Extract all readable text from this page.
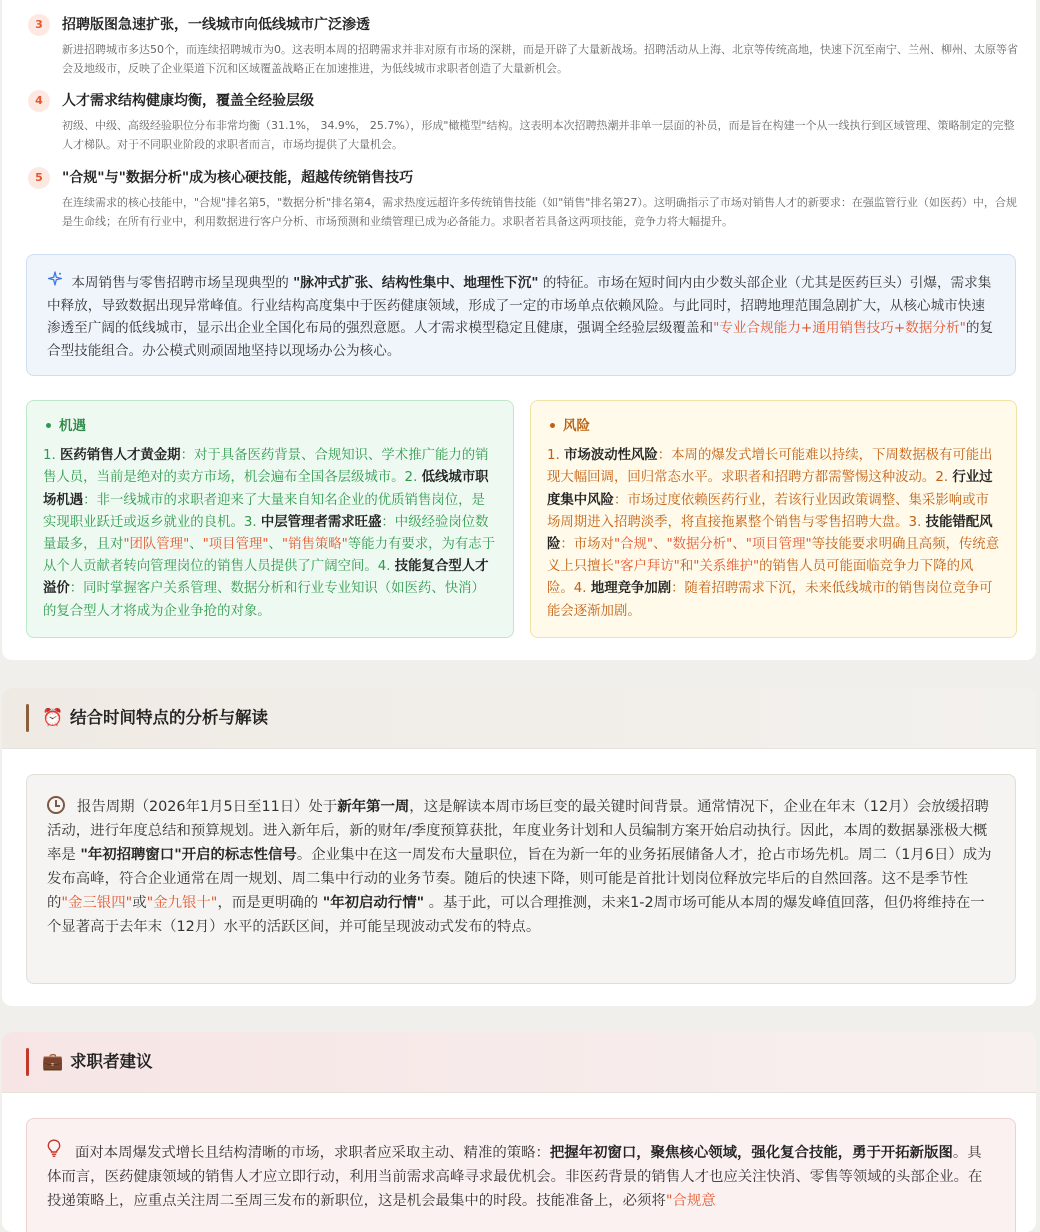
3	招聘版图急速扩张，一线城市向低线城市广泛渗透
新进招聘城市多达50个，而连续招聘城市为0。这表明本周的招聘需求并非对原有市场的深耕，而是开辟了大量新战场。招聘活动从上海、北京等传统高地，快速下沉至南宁、兰州、柳州、太原等省会及地级市，反映了企业渠道下沉和区域覆盖战略正在加速推进，为低线城市求职者创造了大量新机会。
4	人才需求结构健康均衡，覆盖全经验层级
初级、中级、高级经验职位分布非常均衡（31.1%， 34.9%， 25.7%），形成"橄榄型"结构。这表明本次招聘热潮并非单一层面的补员，而是旨在构建一个从一线执行到区域管理、策略制定的完整人才梯队。对于不同职业阶段的求职者而言，市场均提供了大量机会。
5	"合规"与"数据分析"成为核心硬技能，超越传统销售技巧
在连续需求的核心技能中，"合规"排名第5，"数据分析"排名第4，需求热度远超许多传统销售技能（如"销售"排名第27）。这明确指示了市场对销售人才的新要求：在强监管行业（如医药）中，合规是生命线；在所有行业中，利用数据进行客户分析、市场预测和业绩管理已成为必备能力。求职者若具备这两项技能，竞争力将大幅提升。
本周销售与零售招聘市场呈现典型的 "脉冲式扩张、结构性集中、地理性下沉" 的特征。市场在短时间内由少数头部企业（尤其是医药巨头）引爆，需求集中释放，导致数据出现异常峰值。行业结构高度集中于医药健康领域，形成了一定的市场单点依赖风险。与此同时，招聘地理范围急剧扩大，从核心城市快速渗透至广阔的低线城市，显示出企业全国化布局的强烈意愿。人才需求模型稳定且健康，强调全经验层级覆盖和"专业合规能力+通用销售技巧+数据分析"的复合型技能组合。办公模式则顽固地坚持以现场办公为核心。
机遇
1. 医药销售人才黄金期：对于具备医药背景、合规知识、学术推广能力的销售人员，当前是绝对的卖方市场，机会遍布全国各层级城市。2. 低线城市职场机遇：非一线城市的求职者迎来了大量来自知名企业的优质销售岗位，是实现职业跃迁或返乡就业的良机。3. 中层管理者需求旺盛：中级经验岗位数量最多，且对"团队管理"、"项目管理"、"销售策略"等能力有要求，为有志于从个人贡献者转向管理岗位的销售人员提供了广阔空间。4. 技能复合型人才溢价：同时掌握客户关系管理、数据分析和行业专业知识（如医药、快消）的复合型人才将成为企业争抢的对象。
风险
1. 市场波动性风险：本周的爆发式增长可能难以持续，下周数据极有可能出现大幅回调，回归常态水平。求职者和招聘方都需警惕这种波动。2. 行业过度集中风险：市场过度依赖医药行业，若该行业因政策调整、集采影响或市场周期进入招聘淡季，将直接拖累整个销售与零售招聘大盘。3. 技能错配风险：市场对"合规"、"数据分析"、"项目管理"等技能要求明确且高频，传统意义上只擅长"客户拜访"和"关系维护"的销售人员可能面临竞争力下降的风险。4. 地理竞争加剧：随着招聘需求下沉，未来低线城市的销售岗位竞争可能会逐渐加剧。
⏰ 结合时间特点的分析与解读
报告周期（2026年1月5日至11日）处于新年第一周，这是解读本周市场巨变的最关键时间背景。通常情况下，企业在年末（12月）会放缓招聘活动，进行年度总结和预算规划。进入新年后，新的财年/季度预算获批，年度业务计划和人员编制方案开始启动执行。因此，本周的数据暴涨极大概率是 "年初招聘窗口"开启的标志性信号。企业集中在这一周发布大量职位，旨在为新一年的业务拓展储备人才，抢占市场先机。周二（1月6日）成为发布高峰，符合企业通常在周一规划、周二集中行动的业务节奏。随后的快速下降，则可能是首批计划岗位释放完毕后的自然回落。这不是季节性的"金三银四"或"金九银十"，而是更明确的 "年初启动行情" 。基于此，可以合理推测，未来1-2周市场可能从本周的爆发峰值回落，但仍将维持在一个显著高于去年末（12月）水平的活跃区间，并可能呈现波动式发布的特点。
💼 求职者建议
面对本周爆发式增长且结构清晰的市场，求职者应采取主动、精准的策略：把握年初窗口，聚焦核心领域，强化复合技能，勇于开拓新版图。具体而言，医药健康领域的销售人才应立即行动，利用当前需求高峰寻求最优机会。非医药背景的销售人才也应关注快消、零售等领域的头部企业。在投递策略上，应重点关注周二至周三发布的新职位，这是机会最集中的时段。技能准备上，必须将"合规意
